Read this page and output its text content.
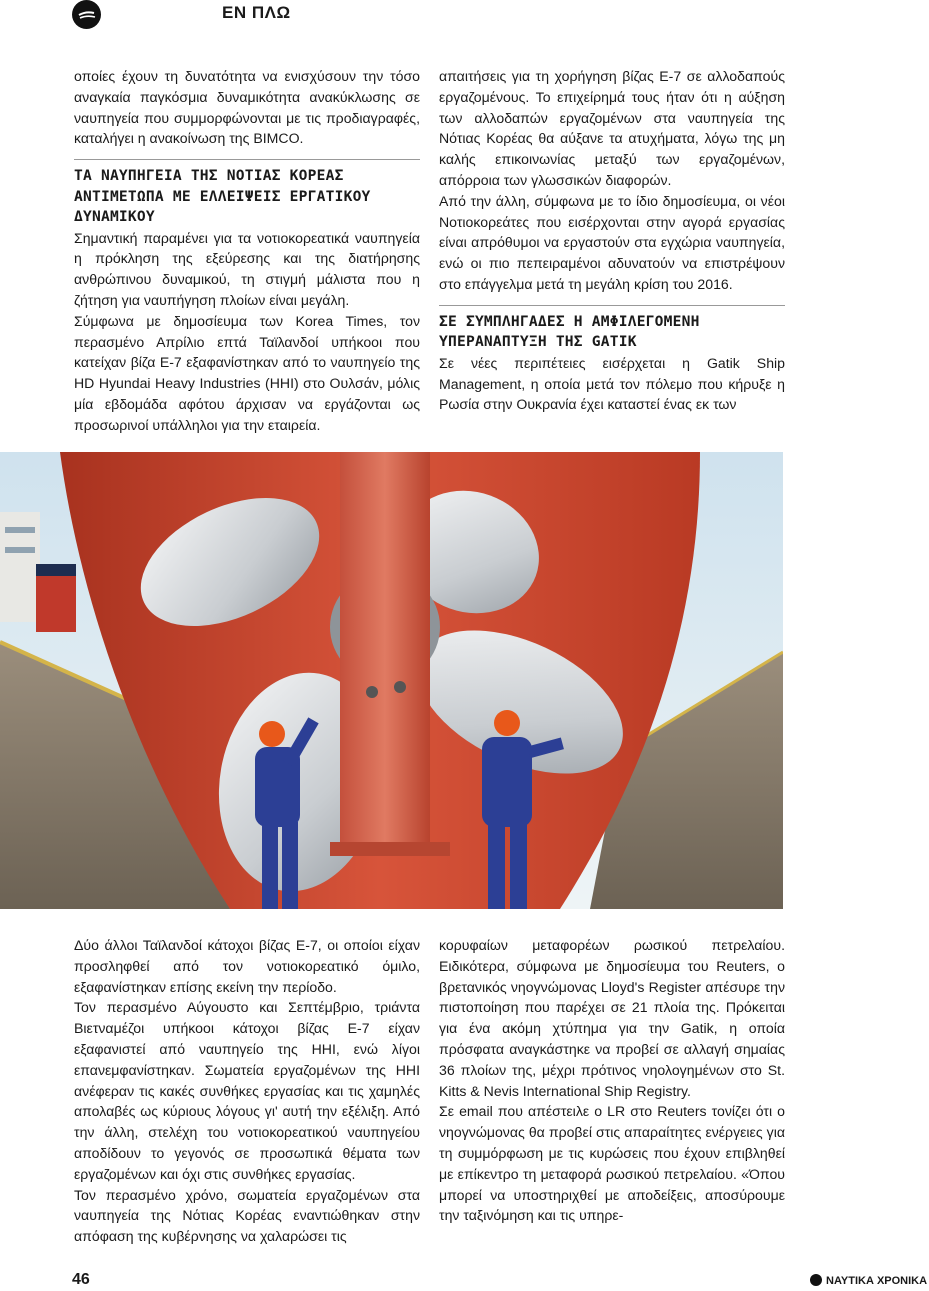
ΕΝ ΠΛΩ

οποίες έχουν τη δυνατότητα να ενισχύσουν την τόσο αναγκαία παγκόσμια δυναμικότητα ανακύκλωσης σε ναυπηγεία που συμμορφώνονται με τις προδιαγραφές, καταλήγει η ανακοίνωση της BIMCO.

ΤΑ ΝΑΥΠΗΓΕΙΑ ΤΗΣ ΝΟΤΙΑΣ ΚΟΡΕΑΣ ΑΝΤΙΜΕΤΩΠΑ ΜΕ ΕΛΛΕΙΨΕΙΣ ΕΡΓΑΤΙΚΟΥ ΔΥΝΑΜΙΚΟΥ

Σημαντική παραμένει για τα νοτιοκορεατικά ναυπηγεία η πρόκληση της εξεύρεσης και της διατήρησης ανθρώπινου δυναμικού, τη στιγμή μάλιστα που η ζήτηση για ναυπήγηση πλοίων είναι μεγάλη.

Σύμφωνα με δημοσίευμα των Korea Times, τον περασμένο Απρίλιο επτά Ταϊλανδοί υπήκοοι που κατείχαν βίζα E-7 εξαφανίστηκαν από το ναυπηγείο της HD Hyundai Heavy Industries (HHI) στο Ουλσάν, μόλις μία εβδομάδα αφότου άρχισαν να εργάζονται ως προσωρινοί υπάλληλοι για την εταιρεία.

απαιτήσεις για τη χορήγηση βίζας E-7 σε αλλοδαπούς εργαζομένους. Το επιχείρημά τους ήταν ότι η αύξηση των αλλοδαπών εργαζομένων στα ναυπηγεία της Νότιας Κορέας θα αύξανε τα ατυχήματα, λόγω της μη καλής επικοινωνίας μεταξύ των εργαζομένων, απόρροια των γλωσσικών διαφορών.

Από την άλλη, σύμφωνα με το ίδιο δημοσίευμα, οι νέοι Νοτιοκορεάτες που εισέρχονται στην αγορά εργασίας είναι απρόθυμοι να εργαστούν στα εγχώρια ναυπηγεία, ενώ οι πιο πεπειραμένοι αδυνατούν να επιστρέψουν στο επάγγελμα μετά τη μεγάλη κρίση του 2016.

ΣΕ ΣΥΜΠΛΗΓΑΔΕΣ Η ΑΜΦΙΛΕΓΟΜΕΝΗ ΥΠΕΡΑΝΑΠΤΥΞΗ ΤΗΣ GATIK

Σε νέες περιπέτειες εισέρχεται η Gatik Ship Management, η οποία μετά τον πόλεμο που κήρυξε η Ρωσία στην Ουκρανία έχει καταστεί ένας εκ των

Δύο άλλοι Ταϊλανδοί κάτοχοι βίζας E-7, οι οποίοι είχαν προσληφθεί από τον νοτιοκορεατικό όμιλο, εξαφανίστηκαν επίσης εκείνη την περίοδο.

Τον περασμένο Αύγουστο και Σεπτέμβριο, τριάντα Βιετναμέζοι υπήκοοι κάτοχοι βίζας E-7 είχαν εξαφανιστεί από ναυπηγείο της HHI, ενώ λίγοι επανεμφανίστηκαν. Σωματεία εργαζομένων της HHI ανέφεραν τις κακές συνθήκες εργασίας και τις χαμηλές απολαβές ως κύριους λόγους γι' αυτή την εξέλιξη. Από την άλλη, στελέχη του νοτιοκορεατικού ναυπηγείου αποδίδουν το γεγονός σε προσωπικά θέματα των εργαζομένων και όχι στις συνθήκες εργασίας.

Τον περασμένο χρόνο, σωματεία εργαζομένων στα ναυπηγεία της Νότιας Κορέας εναντιώθηκαν στην απόφαση της κυβέρνησης να χαλαρώσει τις

κορυφαίων μεταφορέων ρωσικού πετρελαίου. Ειδικότερα, σύμφωνα με δημοσίευμα του Reuters, ο βρετανικός νηογνώμονας Lloyd's Register απέσυρε την πιστοποίηση που παρέχει σε 21 πλοία της. Πρόκειται για ένα ακόμη χτύπημα για την Gatik, η οποία πρόσφατα αναγκάστηκε να προβεί σε αλλαγή σημαίας 36 πλοίων της, μέχρι πρότινος νηολογημένων στο St. Kitts & Nevis International Ship Registry.

Σε email που απέστειλε ο LR στο Reuters τονίζει ότι ο νηογνώμονας θα προβεί στις απαραίτητες ενέργειες για τη συμμόρφωση με τις κυρώσεις που έχουν επιβληθεί με επίκεντρο τη μεταφορά ρωσικού πετρελαίου. «Όπου μπορεί να υποστηριχθεί με αποδείξεις, αποσύρουμε την ταξινόμηση και τις υπηρε-

46	ΝΑΥΤΙΚΑ ΧΡΟΝΙΚΑ
